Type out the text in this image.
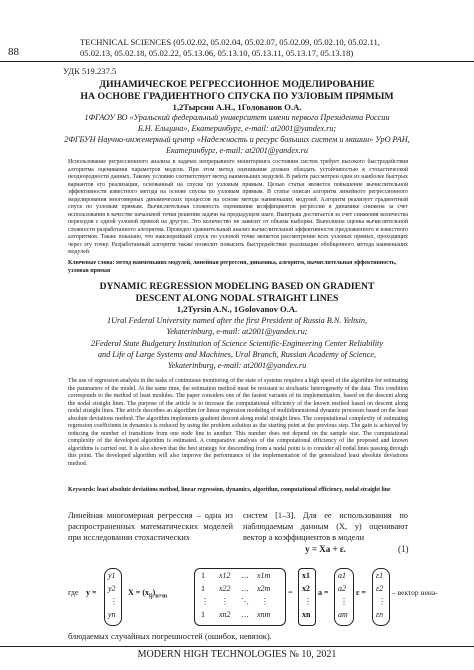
88
TECHNICAL SCIENCES (05.02.02, 05.02.04, 05.02.07, 05.02.09, 05.02.10, 05.02.11,
05.02.13, 05.02.18, 05.02.22, 05.13.06, 05.13.10, 05.13.11, 05.13.17, 05.13.18)
УДК 519.237.5
ДИНАМИЧЕСКОЕ РЕГРЕССИОННОЕ МОДЕЛИРОВАНИЕ
НА ОСНОВЕ ГРАДИЕНТНОГО СПУСКА ПО УЗЛОВЫМ ПРЯМЫМ
1,2Тырсин А.Н., 1Голованов О.А.
1ФГАОУ ВО «Уральский федеральный университет имени первого Президента России
Б.Н. Ельцина», Екатеринбург, e-mail: at2001@yandex.ru;
2ФГБУН Научно-инженерный центр «Надежность и ресурс больших систем и машин» УрО РАН,
Екатеринбург, e-mail: at2001@yandex.ru
Использование регрессионного анализа в задачах непрерывного мониторинга состояния систем требует высокого быстродействия алгоритма оценивания параметров модели. При этом метод оценивания должен обладать устойчивостью к стохастической неоднородности данных. Такому условию соответствует метод наименьших модулей. В работе рассмотрен один из наиболее быстрых вариантов его реализации, основанный на спуске по узловым прямым. Целью статьи является повышение вычислительной эффективности известного метода на основе спуска по узловым прямым. В статье описан алгоритм линейного регрессионного моделирования многомерных динамических процессов на основе метода наименьших модулей. Алгоритм реализует градиентный спуск по узловым прямым. Вычислительная сложность оценивания коэффициентов регрессии в динамике снижена за счет использования в качестве начальной точки решения задачи на предыдущем шаге. Выигрыш достигается за счет снижения количества переходов с одной узловой прямой на другую. Это количество не зависит от объема выборки. Выполнена оценка вычислительной сложности разработанного алгоритма. Проведен сравнительный анализ вычислительной эффективности предложенного и известного алгоритмов. Также показано, что наискорейший спуск по узловой точке является рассмотрение всех узловых прямых, проходящих через эту точку. Разработанный алгоритм также позволит повысить быстродействие реализации обобщенного метода наименьших модулей.
Ключевые слова: метод наименьших модулей, линейная регрессия, динамика, алгоритм, вычислительная эффективность, узловая прямая
DYNAMIC REGRESSION MODELING BASED ON GRADIENT
DESCENT ALONG NODAL STRAIGHT LINES
1,2Tyrsin A.N., 1Golovanov O.A.
1Ural Federal University named after the first President of Russia B.N. Yeltsin,
Yekaterinburg, e-mail: at2001@yandex.ru;
2Federal State Budgetary Institution of Science Scientific-Engineering Center Reliability
and Life of Large Systems and Machines, Ural Branch, Russian Academy of Science,
Yekaterinburg, e-mail: at2001@yandex.ru
The use of regression analysis in the tasks of continuous monitoring of the state of systems requires a high speed of the algorithm for estimating the parameters of the model. At the same time, the estimation method must be resistant to stochastic heterogeneity of the data. This condition corresponds to the method of least modules. The paper considers one of the fastest variants of its implementation, based on the descent along the nodal straight lines. The purpose of the article is to increase the computational efficiency of the known method based on descent along nodal straight lines. The article describes an algorithm for linear regression modeling of multidimensional dynamic processes based on the least absolute deviations method. The algorithm implements gradient descent along nodal straight lines. The computational complexity of estimating regression coefficients in dynamics is reduced by using the problem solution as the starting point at the previous step. The gain is achieved by reducing the number of transitions from one node line to another. This number does not depend on the sample size. The computational complexity of the developed algorithm is estimated. A comparative analysis of the computational efficiency of the proposed and known algorithms is carried out. It is also shown that the best strategy for descending from a nodal point is to consider all nodal lines passing through this point. The developed algorithm will also improve the performance of the implementation of the generalized least absolute deviations method.
Keywords: least absolute deviations method, linear regression, dynamics, algorithm, computational efficiency, nodal straight line
Линейная многомерная регрессия – одна из распространенных математических моделей при исследовании стохастических
систем [1–3]. Для ее использования по наблюдаемым данным (X, y) оценивают вектор a коэффициентов в модели
y = Xa + ε.	(1)
где y =
y1
y2
⋮
yn
$X = (x_{ij})_{n\times m}$
1 x12 … x1m
1 x22 … x2m
⋮ ⋮ ⋱ ⋮
1 xn2 … xnm
=
x1
x2
⋮
xn
a =
a1
a2
⋮
am
ε =
ε1
ε2
⋮
εn
– вектор нена-
блюдаемых случайных погрешностей (ошибок, невязок).
MODERN HIGH TECHNOLOGIES № 10, 2021
